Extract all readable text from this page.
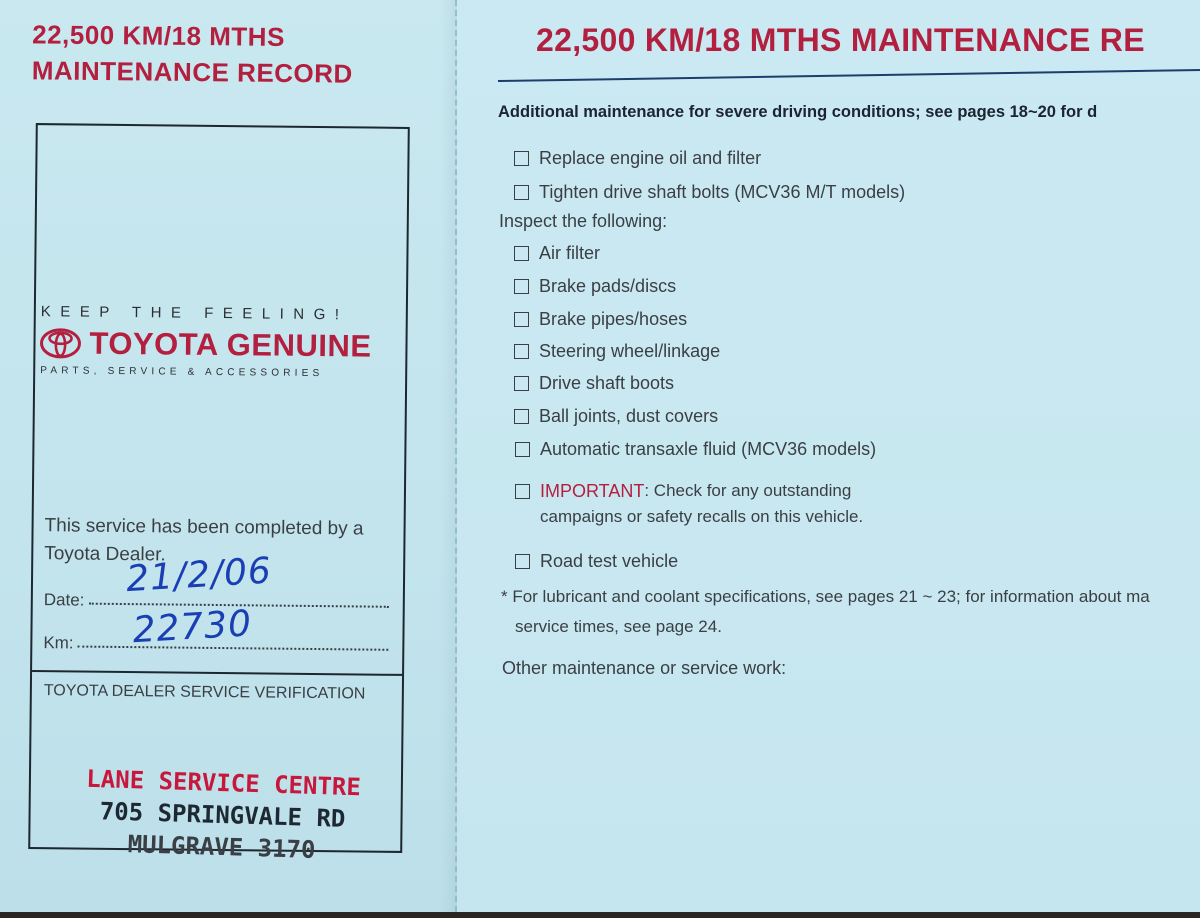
22,500 KM/18 MTHS
MAINTENANCE RECORD
KEEP THE FEELING!
TOYOTA GENUINE
PARTS, SERVICE & ACCESSORIES
This service has been completed by a Toyota Dealer.
Date: 21/2/06
Km: 22730
TOYOTA DEALER SERVICE VERIFICATION
LANE SERVICE CENTRE
705 SPRINGVALE RD
MULGRAVE 3170
22,500 KM/18 MTHS MAINTENANCE RE
Additional maintenance for severe driving conditions; see pages 18~20 for d
Replace engine oil and filter
Tighten drive shaft bolts (MCV36 M/T models)
Inspect the following:
Air filter
Brake pads/discs
Brake pipes/hoses
Steering wheel/linkage
Drive shaft boots
Ball joints, dust covers
Automatic transaxle fluid (MCV36 models)
IMPORTANT : Check for any outstanding
campaigns or safety recalls on this vehicle.
Road test vehicle
* For lubricant and coolant specifications, see pages 21 ~ 23; for information about ma
service times, see page 24.
Other maintenance or service work:
